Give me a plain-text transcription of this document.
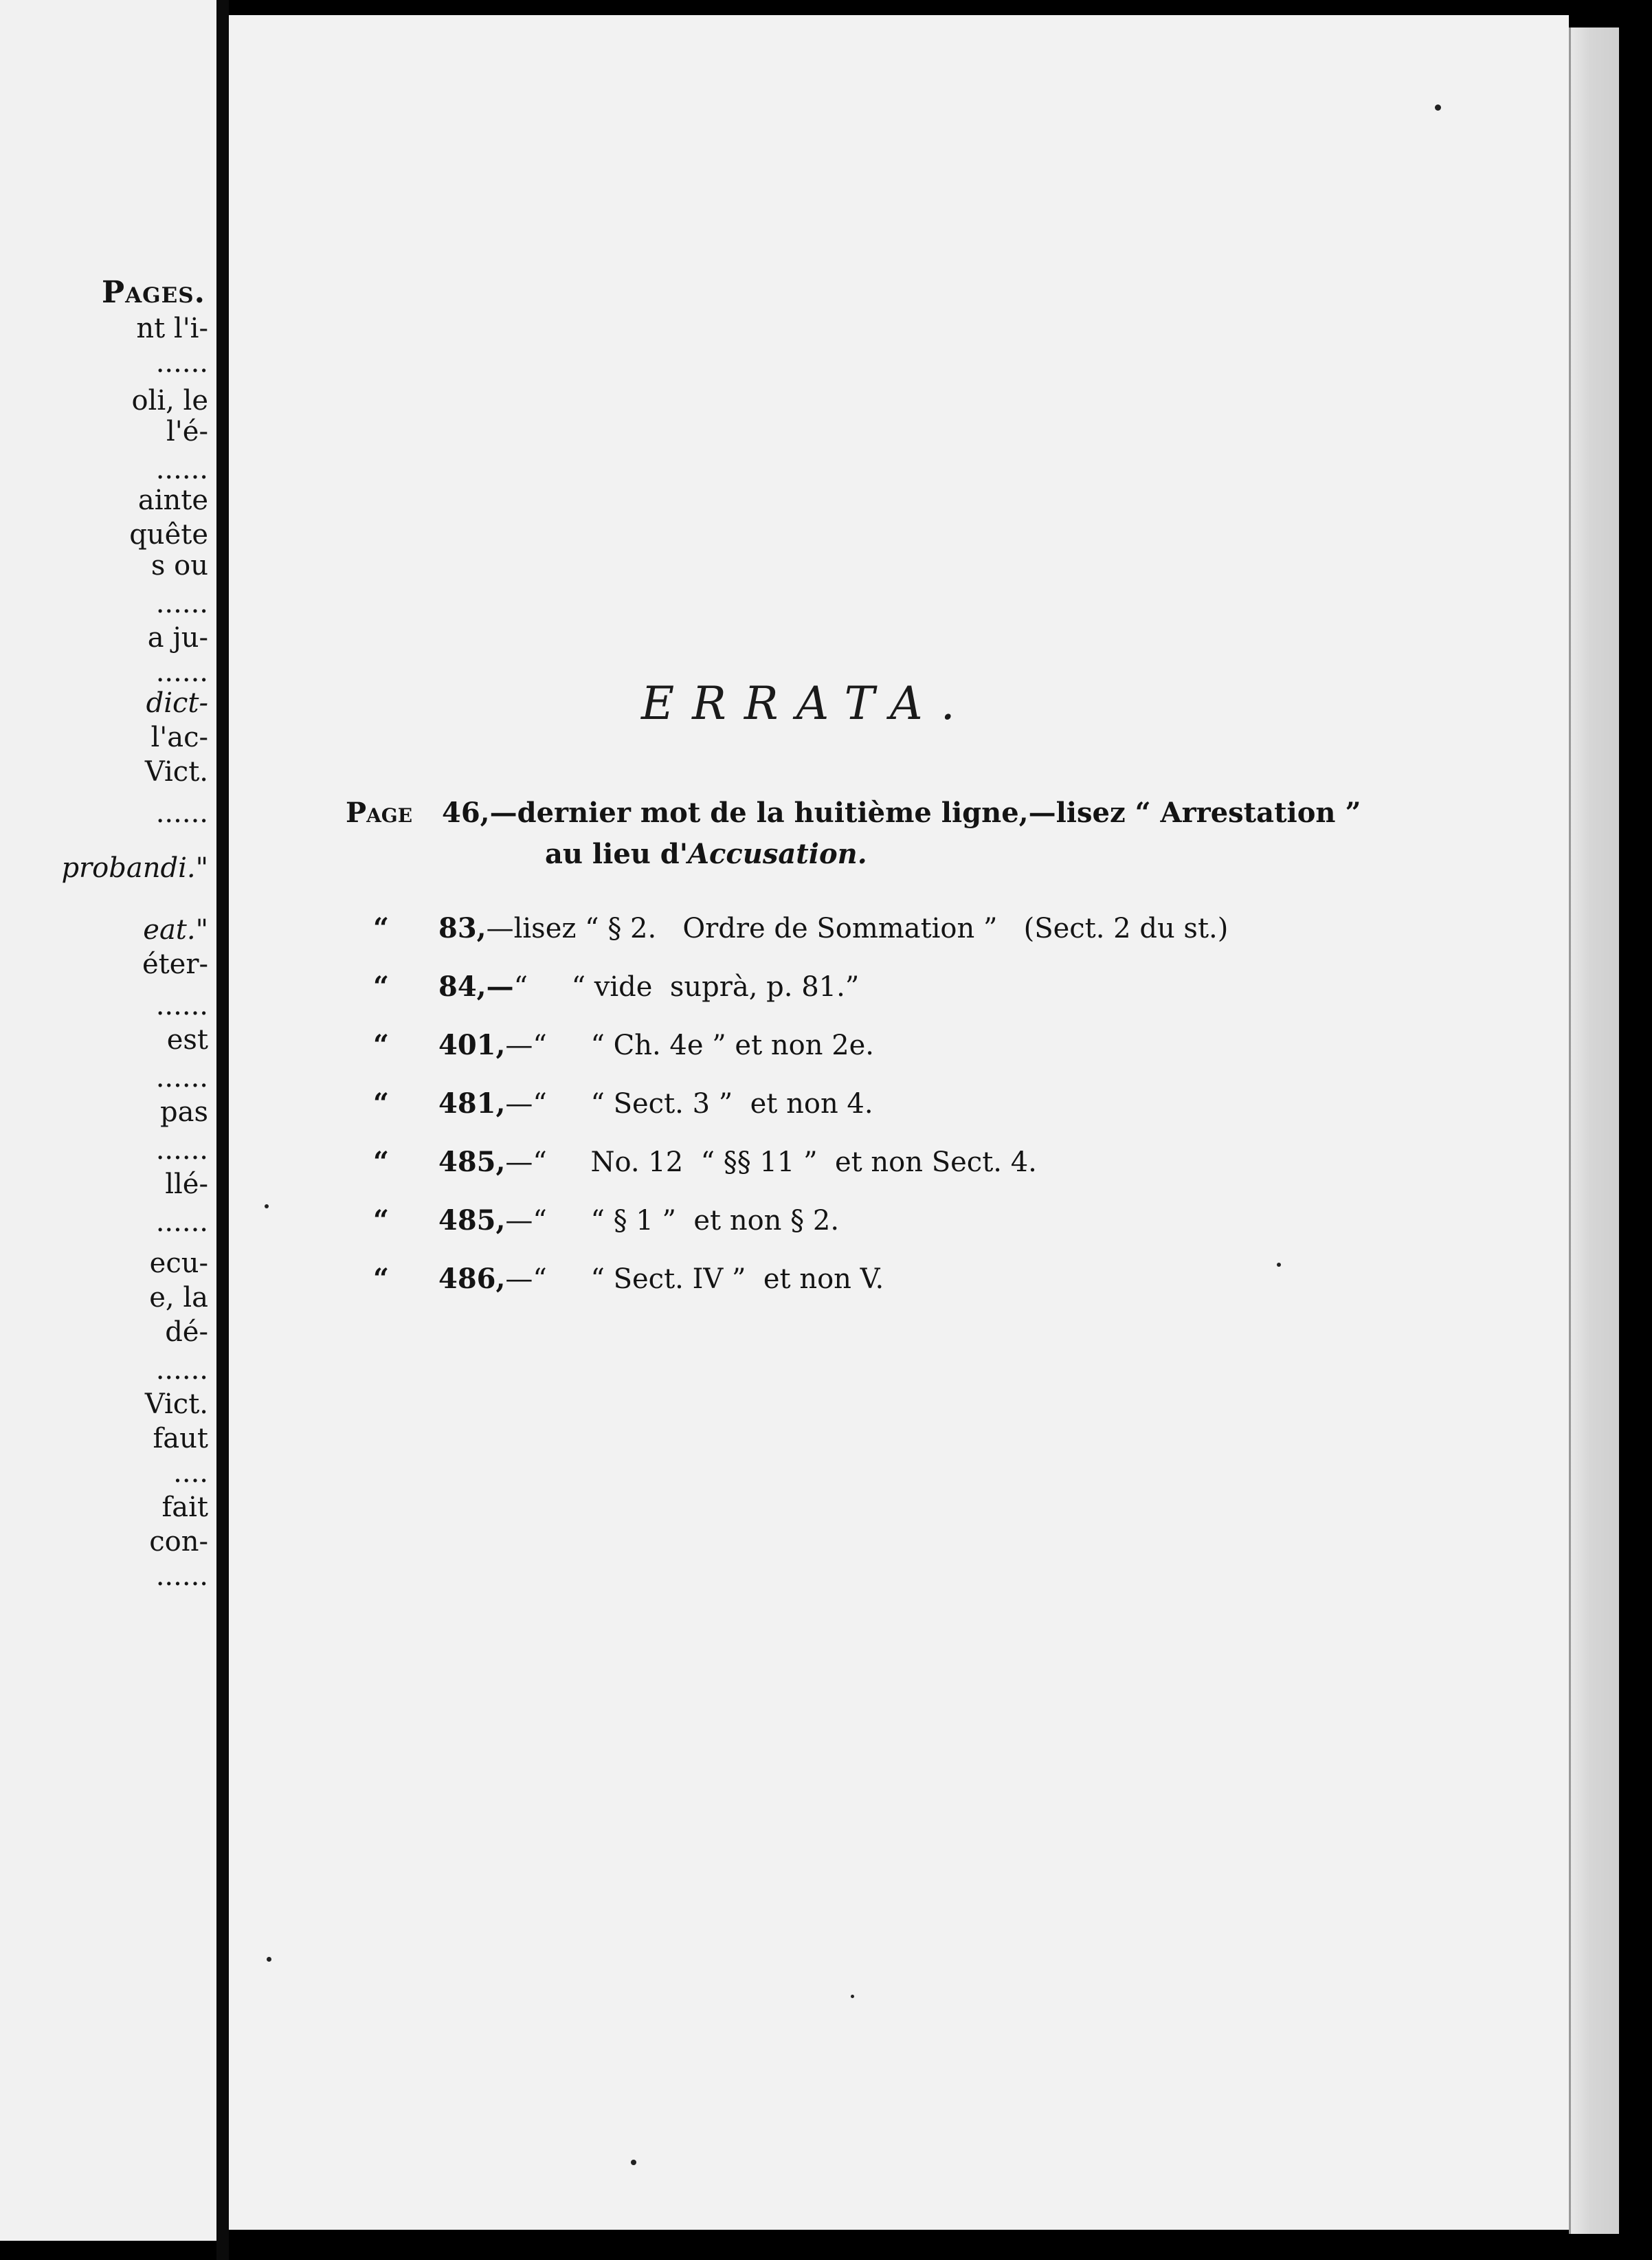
Pages.
nt l'i-
......
oli, le
l'é-
......
ainte
quête
s ou
......
a ju-
......
dict-
l'ac-
Vict.
......
probandi."
eat."
éter-
......
est
......
pas
......
llé-
......
ecu-
e, la
dé-
......
Vict.
faut
....
fait
con-
......
ERRATA.
Page 46,—dernier mot de la huitième ligne,—lisez “ Arrestation ”
au lieu d'Accusation.
“ 83,—lisez “ § 2.   Ordre de Sommation ”   (Sect. 2 du st.)
“ 84,—“     “ vide  suprà, p. 81.”
“ 401,—“     “ Ch. 4e ” et non 2e.
“ 481,—“     “ Sect. 3 ”  et non 4.
“ 485,—“     No. 12  “ §§ 11 ”  et non Sect. 4.
“ 485,—“     “ § 1 ”  et non § 2.
“ 486,—“     “ Sect. IV ”  et non V.
